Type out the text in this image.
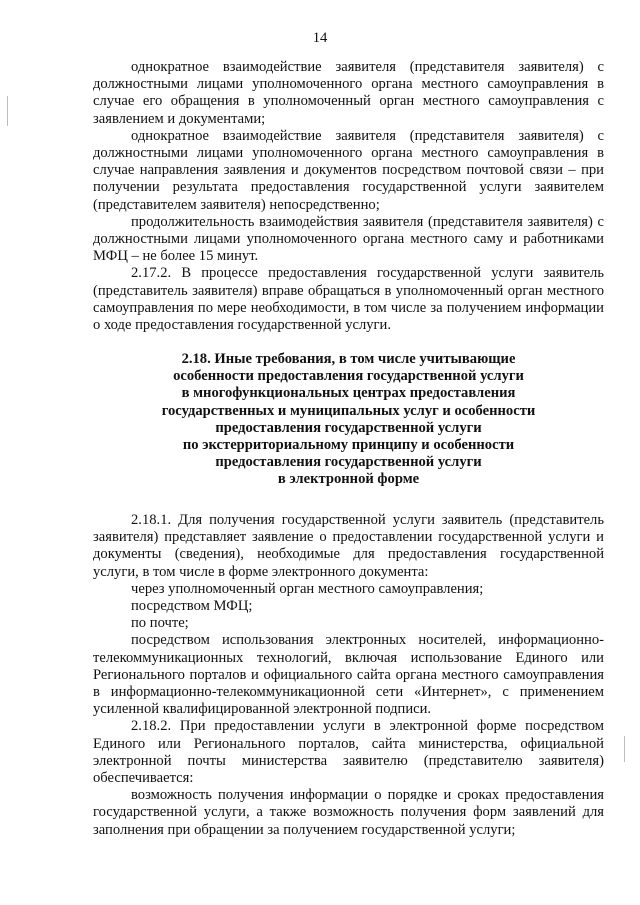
14

однократное взаимодействие заявителя (представителя заявителя) с должностными лицами уполномоченного органа местного самоуправления в случае его обращения в уполномоченный орган местного самоуправления с заявлением и документами;

однократное взаимодействие заявителя (представителя заявителя) с должностными лицами уполномоченного органа местного самоуправления в случае направления заявления и документов посредством почтовой связи – при получении результата предоставления государственной услуги заявителем (представителем заявителя) непосредственно;

продолжительность взаимодействия заявителя (представителя заявителя) с должностными лицами уполномоченного органа местного саму и работниками МФЦ – не более 15 минут.

2.17.2. В процессе предоставления государственной услуги заявитель (представитель заявителя) вправе обращаться в уполномоченный орган местного самоуправления по мере необходимости, в том числе за получением информации о ходе предоставления государственной услуги.

2.18. Иные требования, в том числе учитывающие
особенности предоставления государственной услуги
в многофункциональных центрах предоставления
государственных и муниципальных услуг и особенности
предоставления государственной услуги
по экстерриториальному принципу и особенности
предоставления государственной услуги
в электронной форме

2.18.1. Для получения государственной услуги заявитель (представитель заявителя) представляет заявление о предоставлении государственной услуги и документы (сведения), необходимые для предоставления государственной услуги, в том числе в форме электронного документа:

через уполномоченный орган местного самоуправления;

посредством МФЦ;

по почте;

посредством использования электронных носителей, информационно-телекоммуникационных технологий, включая использование Единого или Регионального порталов и официального сайта органа местного самоуправления в информационно-телекоммуникационной сети «Интернет», с применением усиленной квалифицированной электронной подписи.

2.18.2. При предоставлении услуги в электронной форме посредством Единого или Регионального порталов, сайта министерства, официальной электронной почты министерства заявителю (представителю заявителя) обеспечивается:

возможность получения информации о порядке и сроках предоставления государственной услуги, а также возможность получения форм заявлений для заполнения при обращении за получением государственной услуги;
